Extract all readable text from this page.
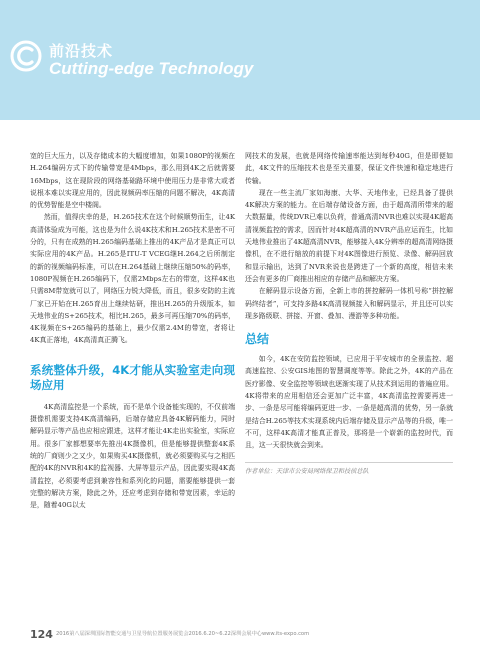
前沿技术
Cutting-edge Technology

宽的巨大压力，以及存储成本的大幅度增加，如果1080P的视频在H.264编码方式下的传输带宽是4Mbps，那么用到4K之后就需要16Mbps，这在现阶段的网络基础路环境中使用压力是非常大或者说根本难以实现应用的，因此视频码率压缩的问题不解决，4K高清的优势智能是空中楼阁。

然而，值得庆幸的是，H.265技术在这个时候顺势而生，让4K高清体验成为可能，这也是为什么说4K技术和H.265技术是密不可分的，只有在成熟的H.265编码基础上推出的4K产品才是真正可以实际应用的4K产品。H.265是ITU-T VCEG继H.264之后所制定的新的视频编码标准，可以在H.264基础上继续压缩50%的码率，1080P视频在H.265编码下，仅需2Mbps左右的带宽，这样4K也只需8M带宽就可以了，网络压力锐大降低，而且，很多安防的主流厂家已开始在H.265育出上继续钻研，推出H.265的升级版本，如天地伟业的S+265技术，相比H.265，最多可再压缩70%的码率，4K视频在S+265编码的基础上，最少仅需2.4M的带宽，者将让4K真正落地，4K高清真正腾飞。

系统整体升级，4K才能从实验室走向现场应用

4K高清监控是一个系统，而不是单个设备能实现的，不仅前端摄像机需要支持4K高清编码，后端存储应具备4K解码能力，同时解码显示等产品也应相应跟进，这样才能让4K走出实验室，实际应用。很多厂家都想要率先推出4K摄像机，但是能够提供整套4K系统的厂商则少之又少，如果购买4K摄像机，就必须要购买与之相匹配的4K的NVR和4K的监视器、大屏等显示产品，因此要实现4K高清监控，必须要考虑到兼容性和系列化的问题，需要能够提供一套完整的解决方案，除此之外，还应考虑到存储和带宽因素，幸运的是，随着40G以太

网技术的发展，也就是网络传输速率能达到每秒40G，但是即便如此，4K文件的压缩技术也是至关重要，保证文件快速和稳定地进行传输。

现在一些主流厂家如海康、大华、天地伟业，已经具备了提供4K解决方案的能力。在后端存储设备方面，由于超高清所带来的超大数据量，传统DVR已难以负荷，普通高清NVR也难以实现4K超高清视频监控的需求，因而针对4K超高清的NVR产品应运而生，比如天地伟业推出了4K超高清NVR，能够接入4K分辨率的超高清网络摄像机，在不进行缩放的前提下对4K图像进行预览、录像、解码回放和显示输出，达到了NVR来说也是跨进了一个新的高度，相信未来还会有更多的厂商推出相应的存储产品和解决方案。

在解码显示设备方面，全新上市的拼控解码一体机号称“拼控解码终结者”，可支持多路4K高清视频接入和解码显示，并且还可以实现多路级联、拼接、开窗、叠加、漫游等多种功能。

总结

如今，4K在安防监控领域，已应用于平安城市的全景监控、超高速监控、公安GIS地图的智慧调度等等。除此之外，4K的产品在医疗影像、安全监控等领域也逐渐实现了从技术到运用的普遍应用。4K将带来的应用相信还会更加广泛丰富，4K高清监控需要再进一步、一条是尽可能将编码更进一步、一条是超高清的优势，另一条就是结合H.265等技术实现系统内后端存储及显示产品等的升级，唯一不可，这样4K高清才能真正普及，那将是一个崭新的监控时代，而且，这一天很快就会到来。

作者单位：天津市公安局网络保卫和技侦总队
124 2016第八届深圳国际智能交通与卫星导航位置服务展览会2016.6.20~6.22深圳会展中心www.its-expo.com
